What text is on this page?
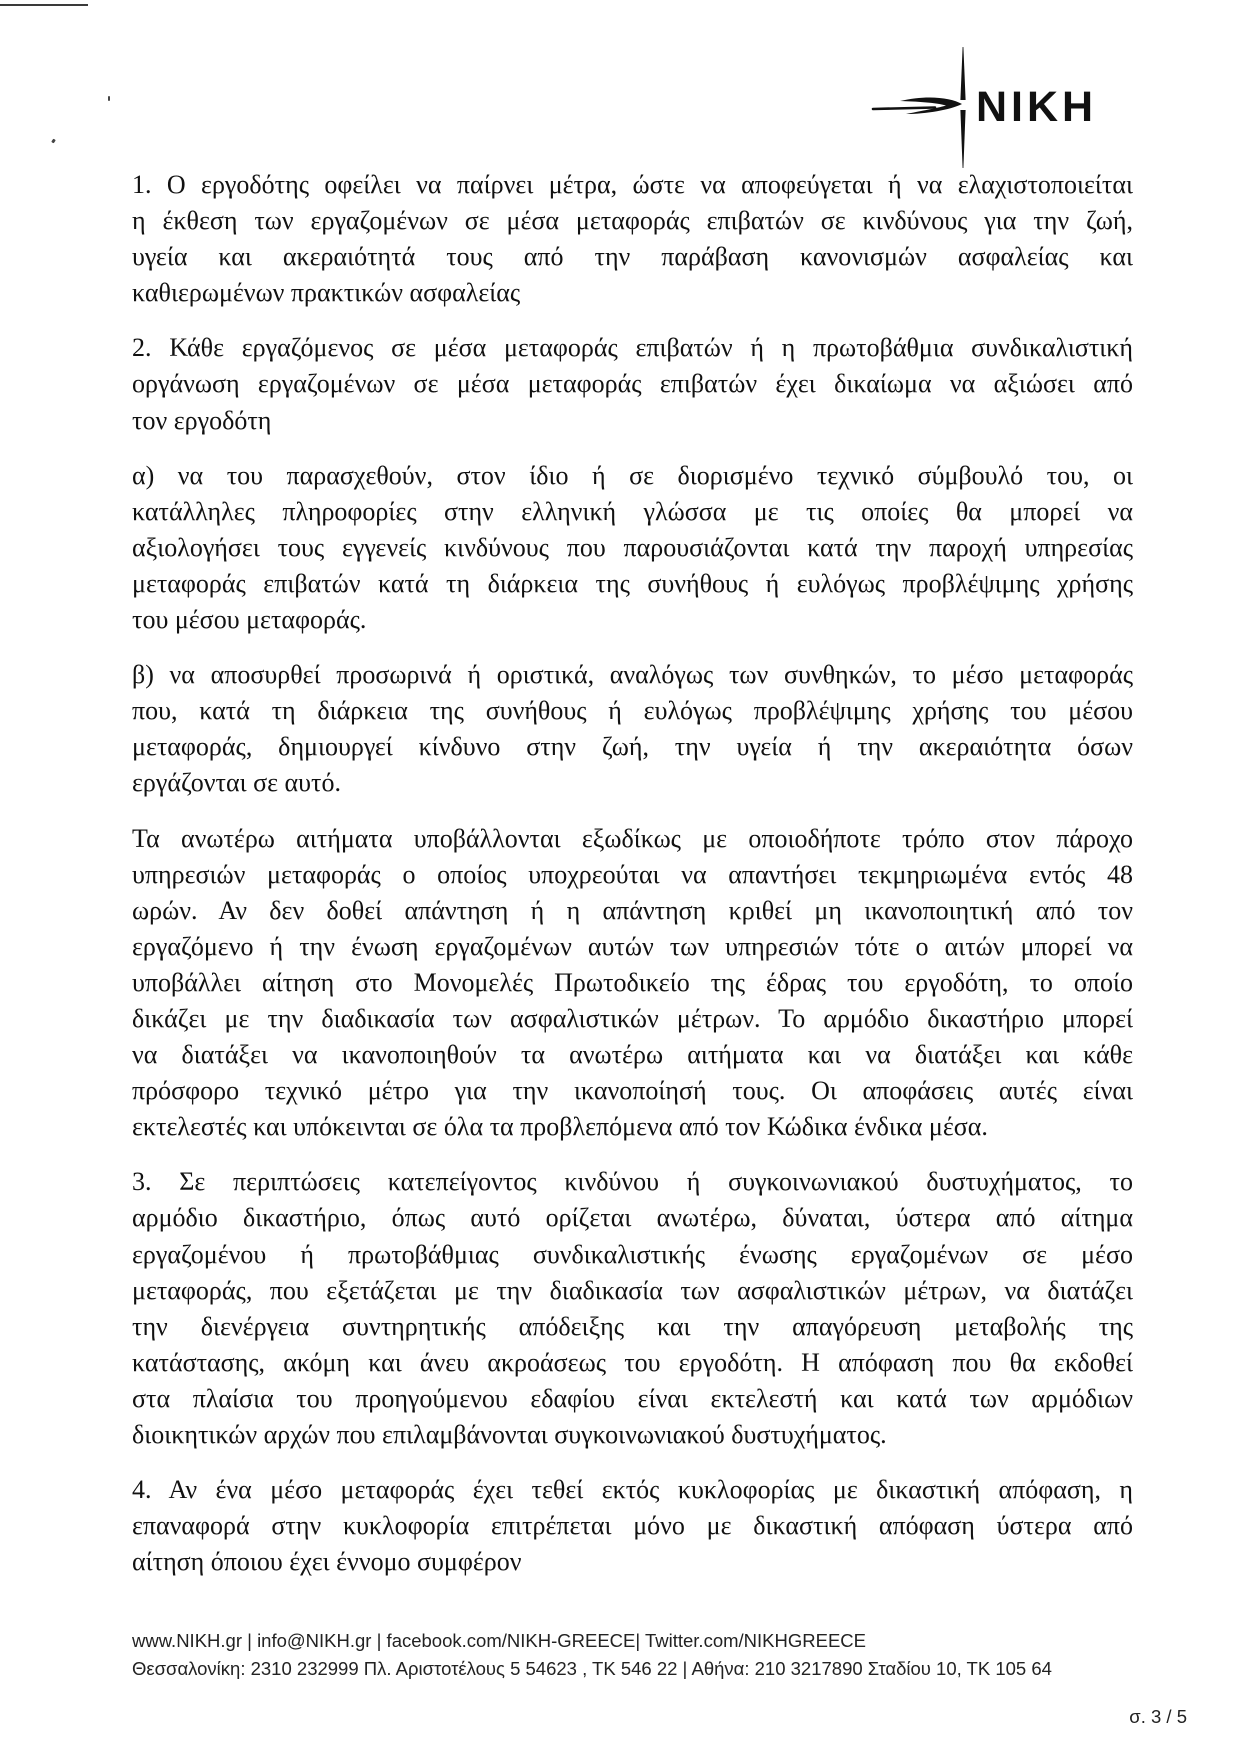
NIKH
1. Ο εργοδότης οφείλει να παίρνει μέτρα, ώστε να αποφεύγεται ή να ελαχιστοποιείται
η έκθεση των εργαζομένων σε μέσα μεταφοράς επιβατών σε κινδύνους για την ζωή,
υγεία και ακεραιότητά τους από την παράβαση κανονισμών ασφαλείας και
καθιερωμένων πρακτικών ασφαλείας
2. Κάθε εργαζόμενος σε μέσα μεταφοράς επιβατών ή η πρωτοβάθμια συνδικαλιστική
οργάνωση εργαζομένων σε μέσα μεταφοράς επιβατών έχει δικαίωμα να αξιώσει από
τον εργοδότη
α) να του παρασχεθούν, στον ίδιο ή σε διορισμένο τεχνικό σύμβουλό του, οι
κατάλληλες πληροφορίες στην ελληνική γλώσσα με τις οποίες θα μπορεί να
αξιολογήσει τους εγγενείς κινδύνους που παρουσιάζονται κατά την παροχή υπηρεσίας
μεταφοράς επιβατών κατά τη διάρκεια της συνήθους ή ευλόγως προβλέψιμης χρήσης
του μέσου μεταφοράς.
β) να αποσυρθεί προσωρινά ή οριστικά, αναλόγως των συνθηκών, το μέσο μεταφοράς
που, κατά τη διάρκεια της συνήθους ή ευλόγως προβλέψιμης χρήσης του μέσου
μεταφοράς, δημιουργεί κίνδυνο στην ζωή, την υγεία ή την ακεραιότητα όσων
εργάζονται σε αυτό.
Τα ανωτέρω αιτήματα υποβάλλονται εξωδίκως με οποιοδήποτε τρόπο στον πάροχο
υπηρεσιών μεταφοράς ο οποίος υποχρεούται να απαντήσει τεκμηριωμένα εντός 48
ωρών. Αν δεν δοθεί απάντηση ή η απάντηση κριθεί μη ικανοποιητική από τον
εργαζόμενο ή την ένωση εργαζομένων αυτών των υπηρεσιών τότε ο αιτών μπορεί να
υποβάλλει αίτηση στο Μονομελές Πρωτοδικείο της έδρας του εργοδότη, το οποίο
δικάζει με την διαδικασία των ασφαλιστικών μέτρων. Το αρμόδιο δικαστήριο μπορεί
να διατάξει να ικανοποιηθούν τα ανωτέρω αιτήματα και να διατάξει και κάθε
πρόσφορο τεχνικό μέτρο για την ικανοποίησή τους. Οι αποφάσεις αυτές είναι
εκτελεστές και υπόκεινται σε όλα τα προβλεπόμενα από τον Κώδικα ένδικα μέσα.
3. Σε περιπτώσεις κατεπείγοντος κινδύνου ή συγκοινωνιακού δυστυχήματος, το
αρμόδιο δικαστήριο, όπως αυτό ορίζεται ανωτέρω, δύναται, ύστερα από αίτημα
εργαζομένου ή πρωτοβάθμιας συνδικαλιστικής ένωσης εργαζομένων σε μέσο
μεταφοράς, που εξετάζεται με την διαδικασία των ασφαλιστικών μέτρων, να διατάζει
την διενέργεια συντηρητικής απόδειξης και την απαγόρευση μεταβολής της
κατάστασης, ακόμη και άνευ ακροάσεως του εργοδότη. Η απόφαση που θα εκδοθεί
στα πλαίσια του προηγούμενου εδαφίου είναι εκτελεστή και κατά των αρμόδιων
διοικητικών αρχών που επιλαμβάνονται συγκοινωνιακού δυστυχήματος.
4. Αν ένα μέσο μεταφοράς έχει τεθεί εκτός κυκλοφορίας με δικαστική απόφαση, η
επαναφορά στην κυκλοφορία επιτρέπεται μόνο με δικαστική απόφαση ύστερα από
αίτηση όποιου έχει έννομο συμφέρον
www.NIKH.gr | info@NIKH.gr | facebook.com/NIKH-GREECE| Twitter.com/NIKHGREECE
Θεσσαλονίκη: 2310 232999 Πλ. Αριστοτέλους 5 54623 , ΤΚ 546 22 | Αθήνα: 210 3217890 Σταδίου 10, ΤΚ 105 64
σ. 3 / 5
